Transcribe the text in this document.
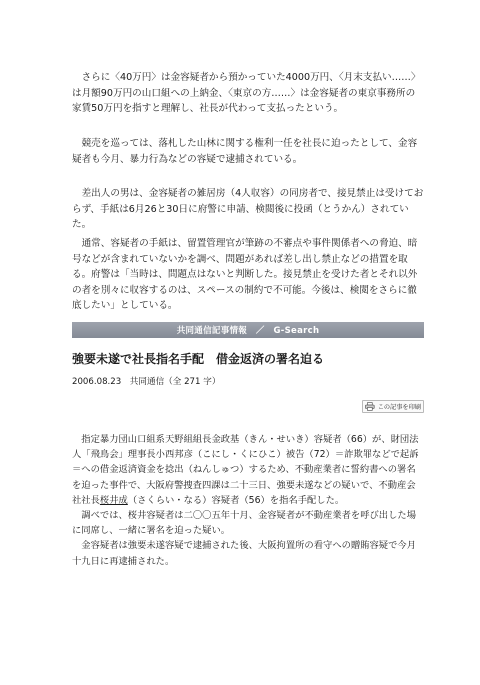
　さらに〈40万円〉は金容疑者から預かっていた4000万円、〈月末支払い……〉は月額90万円の山口組への上納金、〈東京の方……〉は金容疑者の東京事務所の家賃50万円を指すと理解し、社長が代わって支払ったという。

　競売を巡っては、落札した山林に関する権利一任を社長に迫ったとして、金容疑者も今月、暴力行為などの容疑で逮捕されている。

　差出人の男は、金容疑者の雑居房（4人収容）の同房者で、接見禁止は受けておらず、手紙は6月26と30日に府警に申請、検閲後に投函（とうかん）されていた。

　通常、容疑者の手紙は、留置管理官が筆跡の不審点や事件関係者への脅迫、暗号などが含まれていないかを調べ、問題があれば差し出し禁止などの措置を取る。府警は「当時は、問題点はないと判断した。接見禁止を受けた者とそれ以外の者を別々に収容するのは、スペースの制約で不可能。今後は、検閲をさらに徹底したい」としている。

共同通信記事情報　／　G-Search
強要未遂で社長指名手配　借金返済の署名迫る
2006.08.23　共同通信（全 271 字）
この記事を印刷

　指定暴力団山口組系天野組組長金政基（きん・せいき）容疑者（66）が、財団法人「飛鳥会」理事長小西邦彦（こにし・くにひこ）被告（72）＝詐欺罪などで起訴＝への借金返済資金を捻出（ねんしゅつ）するため、不動産業者に誓約書への署名を迫った事件で、大阪府警捜査四課は二十三日、強要未遂などの疑いで、不動産会社社長桜井成（さくらい・なる）容疑者（56）を指名手配した。
　調べでは、桜井容疑者は二〇〇五年十月、金容疑者が不動産業者を呼び出した場に同席し、一緒に署名を迫った疑い。
　金容疑者は強要未遂容疑で逮捕された後、大阪拘置所の看守への贈賄容疑で今月十九日に再逮捕された。
